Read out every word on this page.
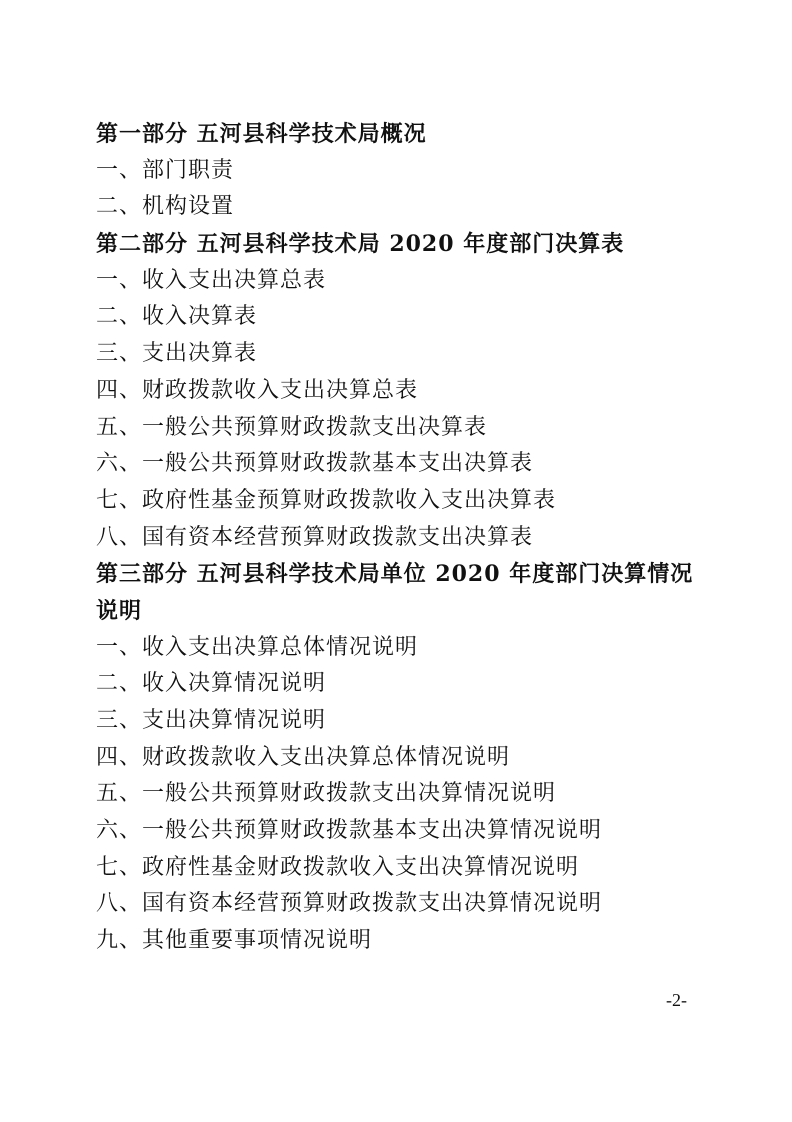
第一部分 五河县科学技术局概况
一、部门职责
二、机构设置
第二部分 五河县科学技术局 2020 年度部门决算表
一、收入支出决算总表
二、收入决算表
三、支出决算表
四、财政拨款收入支出决算总表
五、一般公共预算财政拨款支出决算表
六、一般公共预算财政拨款基本支出决算表
七、政府性基金预算财政拨款收入支出决算表
八、国有资本经营预算财政拨款支出决算表
第三部分 五河县科学技术局单位 2020 年度部门决算情况说明
一、收入支出决算总体情况说明
二、收入决算情况说明
三、支出决算情况说明
四、财政拨款收入支出决算总体情况说明
五、一般公共预算财政拨款支出决算情况说明
六、一般公共预算财政拨款基本支出决算情况说明
七、政府性基金财政拨款收入支出决算情况说明
八、国有资本经营预算财政拨款支出决算情况说明
九、其他重要事项情况说明
-2-
